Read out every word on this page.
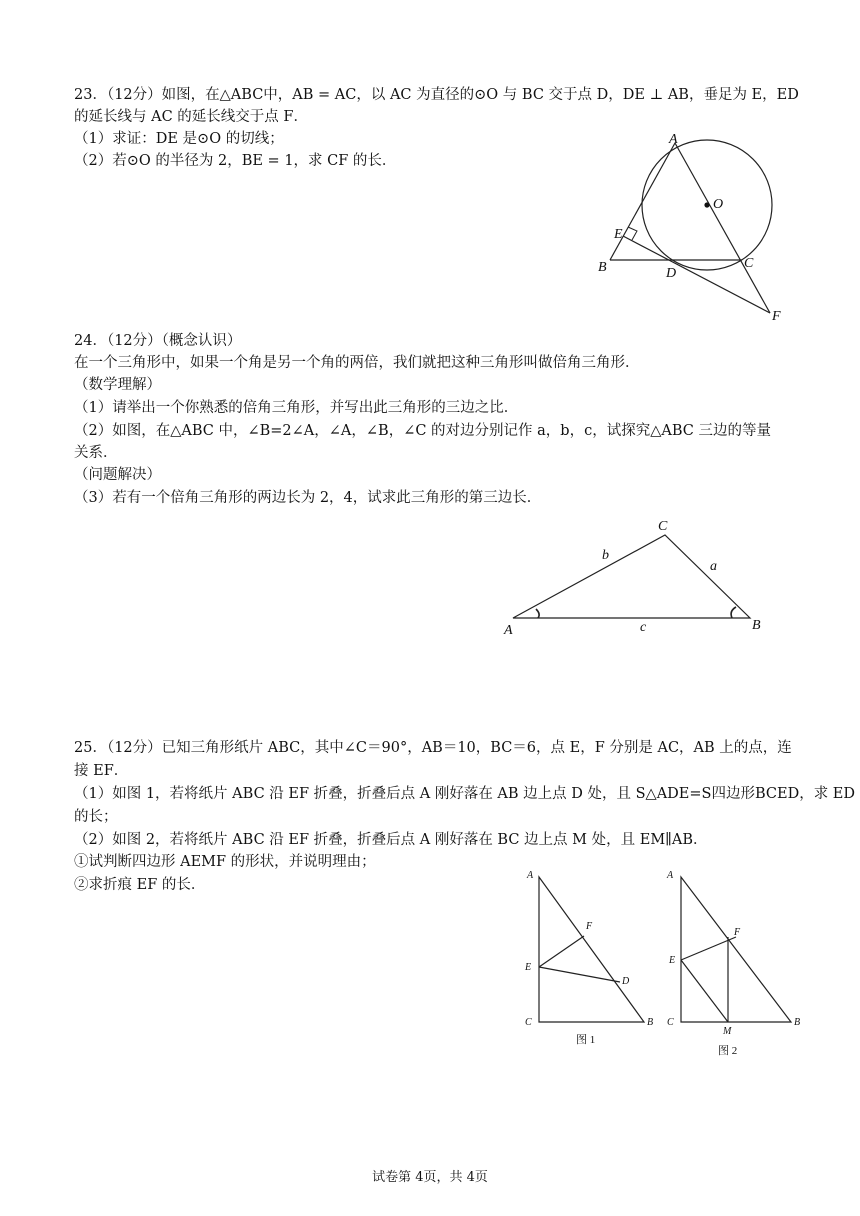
23．（12分）如图，在△ABC中，AB = AC，以 AC 为直径的⊙O 与 BC 交于点 D，DE ⊥ AB，垂足为 E，ED
的延长线与 AC 的延长线交于点 F．
（1）求证：DE 是⊙O 的切线；
（2）若⊙O 的半径为 2，BE = 1，求 CF 的长．
A
O
E
B	D
C
F
24．（12分）（概念认识）
在一个三角形中，如果一个角是另一个角的两倍，我们就把这种三角形叫做倍角三角形．
（数学理解）
（1）请举出一个你熟悉的倍角三角形，并写出此三角形的三边之比．
（2）如图，在△ABC 中，∠B=2∠A，∠A，∠B，∠C 的对边分别记作 a，b，c，试探究△ABC 三边的等量
关系．
（问题解决）
（3）若有一个倍角三角形的两边长为 2，4，试求此三角形的第三边长．
C
A	B
b
a
c
25．（12分）已知三角形纸片 ABC，其中∠C＝90°，AB＝10，BC＝6，点 E，F 分别是 AC，AB 上的点，连
接 EF．
（1）如图 1，若将纸片 ABC 沿 EF 折叠，折叠后点 A 刚好落在 AB 边上点 D 处，且 S△ADE=S四边形BCED，求 ED
的长；
（2）如图 2，若将纸片 ABC 沿 EF 折叠，折叠后点 A 刚好落在 BC 边上点 M 处，且 EM∥AB．
①试判断四边形 AEMF 的形状，并说明理由；
②求折痕 EF 的长．
A
F
E
D
C	B
图 1
A
F
E
C
M
B
图 2
试卷第 4页，共 4页
